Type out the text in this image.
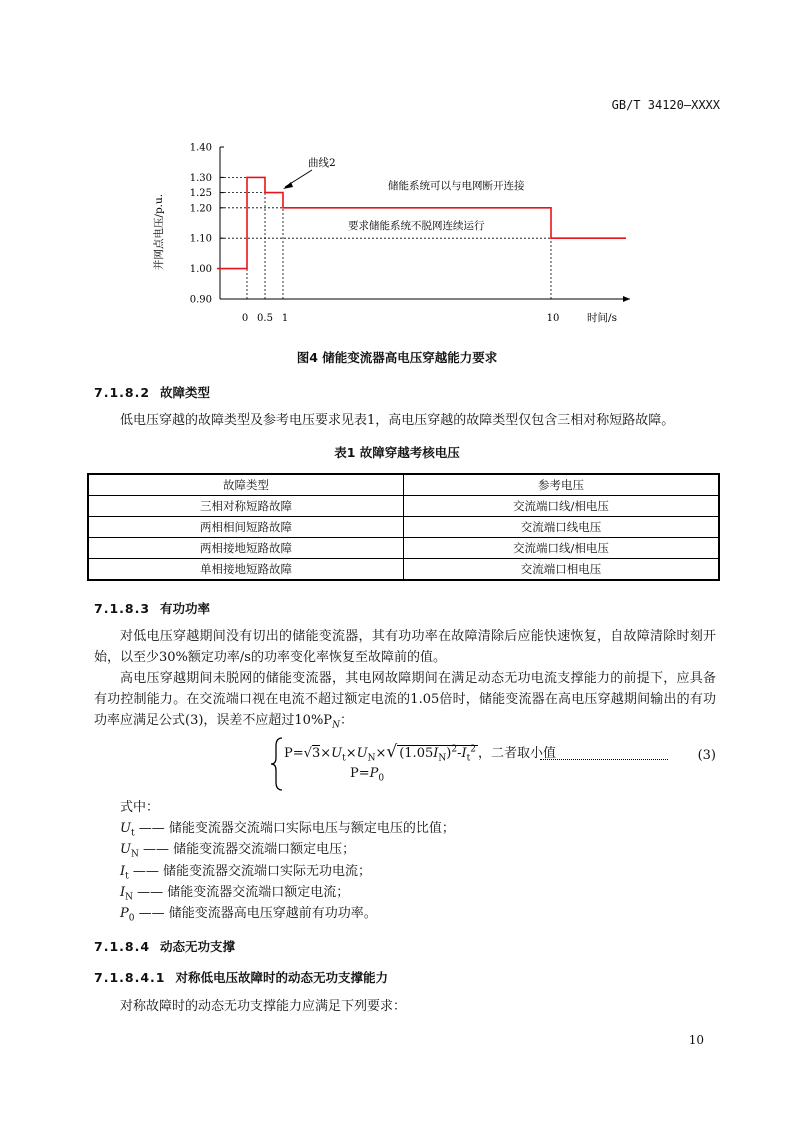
GB/T 34120—XXXX
1.40
1.30
1.25
1.20
1.10
1.00
0.90
0 0.5 1	10
并网点电压/p.u.
时间/s
曲线2
储能系统可以与电网断开连接
要求储能系统不脱网连续运行
图4 储能变流器高电压穿越能力要求
7.1.8.2 故障类型
低电压穿越的故障类型及参考电压要求见表1，高电压穿越的故障类型仅包含三相对称短路故障。
表1 故障穿越考核电压
故障类型	参考电压
三相对称短路故障	交流端口线/相电压
两相相间短路故障	交流端口线电压
两相接地短路故障	交流端口线/相电压
单相接地短路故障	交流端口相电压
7.1.8.3 有功功率
对低电压穿越期间没有切出的储能变流器，其有功功率在故障清除后应能快速恢复，自故障清除时刻开始，以至少30%额定功率/s的功率变化率恢复至故障前的值。
高电压穿越期间未脱网的储能变流器，其电网故障期间在满足动态无功电流支撑能力的前提下，应具备有功控制能力。在交流端口视在电流不超过额定电流的1.05倍时，储能变流器在高电压穿越期间输出的有功功率应满足公式(3)，误差不应超过$10\%P_N$：
$P=√3\times U_t\times U_N\times√$ $(1.05I_N)^2-I_t^2$ ，二者取小值
$P=P_0$
(3)
式中：
$U_t$ —— 储能变流器交流端口实际电压与额定电压的比值；
$U_N$ —— 储能变流器交流端口额定电压；
$I_t$ —— 储能变流器交流端口实际无功电流；
$I_N$ —— 储能变流器交流端口额定电流；
$P_0$ —— 储能变流器高电压穿越前有功功率。
7.1.8.4 动态无功支撑
7.1.8.4.1 对称低电压故障时的动态无功支撑能力
对称故障时的动态无功支撑能力应满足下列要求：
10
